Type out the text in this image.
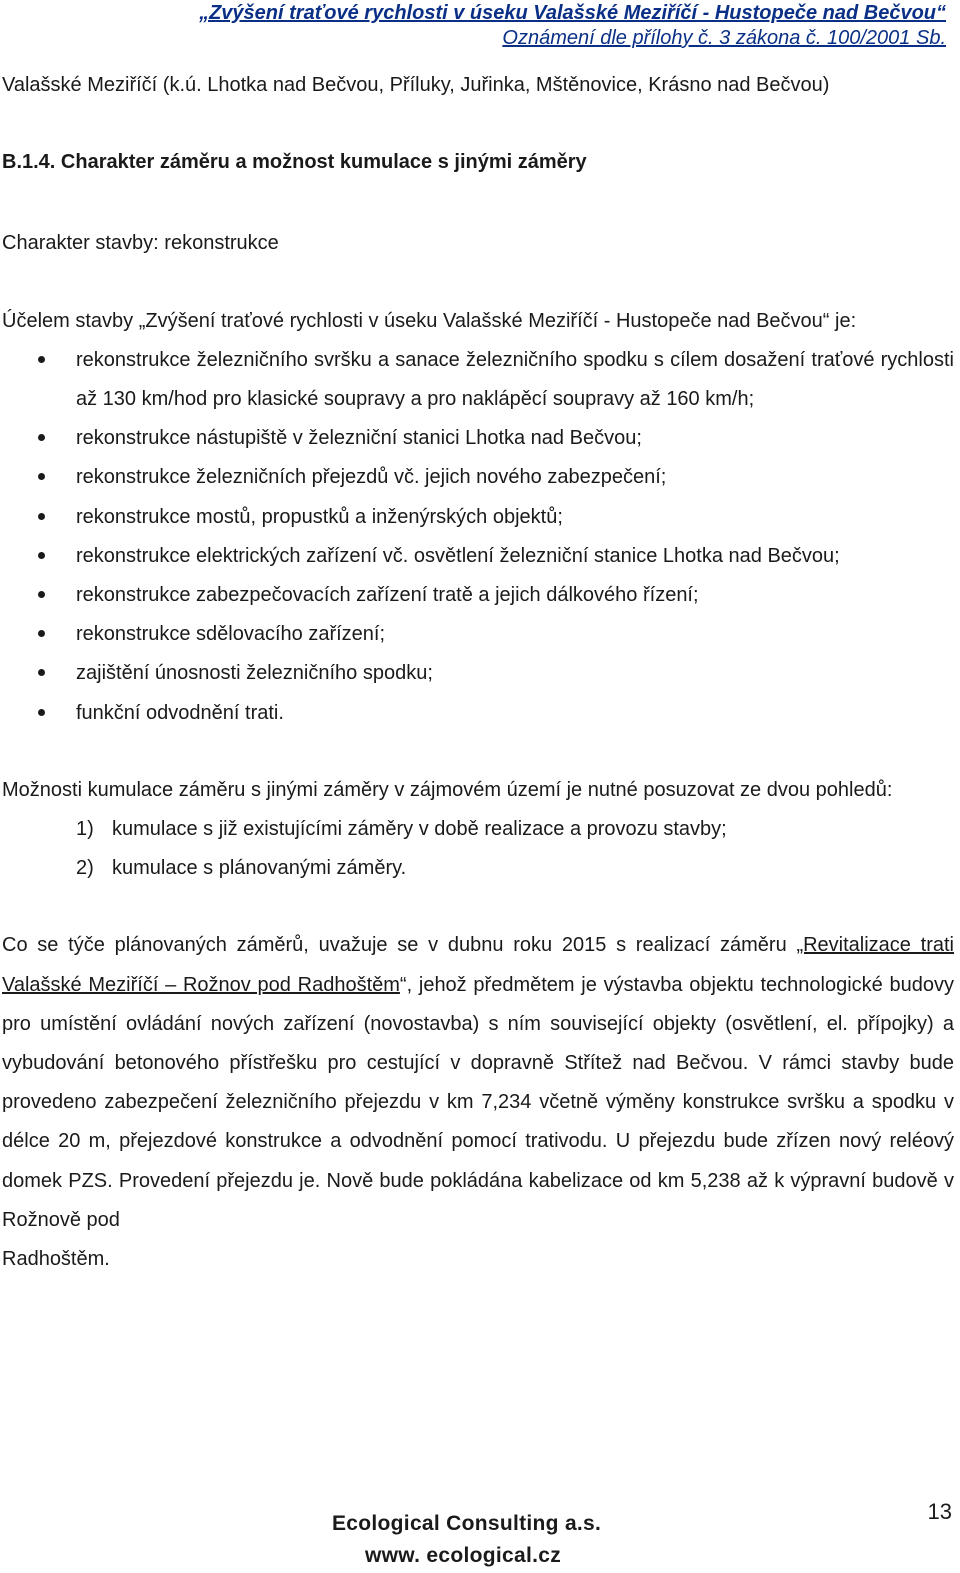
„Zvýšení traťové rychlosti v úseku Valašské Meziříčí - Hustopeče nad Bečvou“
Oznámení dle přílohy č. 3 zákona č. 100/2001 Sb.

Valašské Meziříčí (k.ú. Lhotka nad Bečvou, Příluky, Juřinka, Mštěnovice, Krásno nad Bečvou)

B.1.4. Charakter záměru a možnost kumulace s jinými záměry

Charakter stavby: rekonstrukce

Účelem stavby „Zvýšení traťové rychlosti v úseku Valašské Meziříčí - Hustopeče nad Bečvou“ je:

rekonstrukce železničního svršku a sanace železničního spodku s cílem dosažení traťové rychlosti až 130 km/hod pro klasické soupravy a pro naklápěcí soupravy až 160 km/h;
rekonstrukce nástupiště v železniční stanici Lhotka nad Bečvou;
rekonstrukce železničních přejezdů vč. jejich nového zabezpečení;
rekonstrukce mostů, propustků a inženýrských objektů;
rekonstrukce elektrických zařízení vč. osvětlení železniční stanice Lhotka nad Bečvou;
rekonstrukce zabezpečovacích zařízení tratě a jejich dálkového řízení;
rekonstrukce sdělovacího zařízení;
zajištění únosnosti železničního spodku;
funkční odvodnění trati.

Možnosti kumulace záměru s jinými záměry v zájmovém území je nutné posuzovat ze dvou pohledů:

1) kumulace s již existujícími záměry v době realizace a provozu stavby;
2) kumulace s plánovanými záměry.

Co se týče plánovaných záměrů, uvažuje se v dubnu roku 2015 s realizací záměru „Revitalizace trati Valašské Meziříčí – Rožnov pod Radhoštěm“, jehož předmětem je výstavba objektu technologické budovy pro umístění ovládání nových zařízení (novostavba) s ním související objekty (osvětlení, el. přípojky) a vybudování betonového přístřešku pro cestující v dopravně Střítež nad Bečvou. V rámci stavby bude provedeno zabezpečení železničního přejezdu v km 7,234 včetně výměny konstrukce svršku a spodku v délce 20 m, přejezdové konstrukce a odvodnění pomocí trativodu. U přejezdu bude zřízen nový reléový domek PZS. Provedení přejezdu je. Nově bude pokládána kabelizace od km 5,238 až k výpravní budově v Rožnově pod

Radhoštěm.

Ecological Consulting a.s.
www. ecological.cz
13
